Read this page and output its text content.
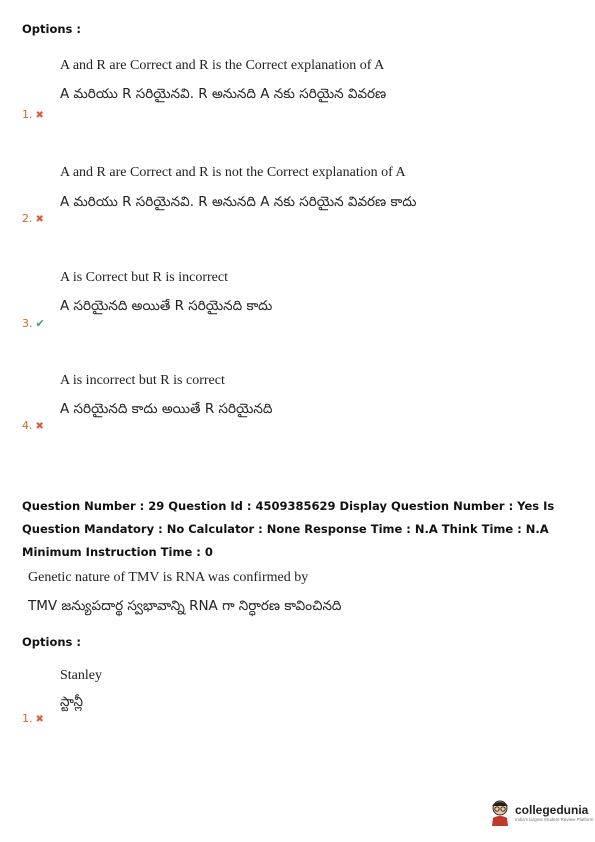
Options :
A and R are Correct and R is the Correct explanation of A
A మరియు R సరియైనవి. R అనునది A నకు సరియైన వివరణ
1. ✖
A and R are Correct and R is not the Correct explanation of A
A మరియు R సరియైనవి. R అనునది A నకు సరియైన వివరణ కాదు
2. ✖
A is Correct but R is incorrect
A సరియైనది అయితే R సరియైనది కాదు
3. ✔
A is incorrect but R is correct
A సరియైనది కాదు అయితే R సరియైనది
4. ✖
Question Number : 29 Question Id : 4509385629 Display Question Number : Yes Is Question Mandatory : No Calculator : None Response Time : N.A Think Time : N.A Minimum Instruction Time : 0
Genetic nature of TMV is RNA was confirmed by
TMV జన్యుపదార్థ స్వభావాన్ని RNA గా నిర్ధారణ కావించినది
Options :
Stanley
స్టాన్లీ
1. ✖
collegedunia
India's largest Student Review Platform
